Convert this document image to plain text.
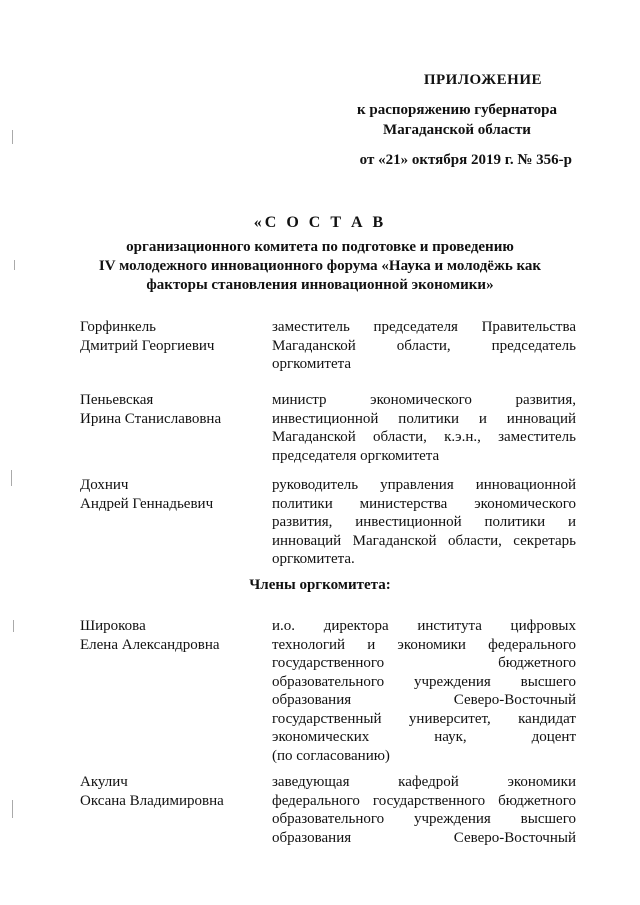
ПРИЛОЖЕНИЕ
к распоряжению губернатора
Магаданской области
от «21» октября 2019 г. № 356-р
«С О С Т А В
организационного комитета по подготовке и проведению
IV молодежного инновационного форума «Наука и молодёжь как
факторы становления инновационной экономики»
Горфинкель
Дмитрий Георгиевич
заместитель председателя Правительства
Магаданской области, председатель
оргкомитета
Пеньевская
Ирина Станиславовна
министр экономического развития,
инвестиционной политики и инноваций
Магаданской области, к.э.н., заместитель
председателя оргкомитета
Дохнич
Андрей Геннадьевич
руководитель управления инновационной
политики министерства экономического
развития, инвестиционной политики и
инноваций Магаданской области, секретарь
оргкомитета.
Члены оргкомитета:
Широкова
Елена Александровна
и.о. директора института цифровых
технологий и экономики федерального
государственного бюджетного
образовательного учреждения высшего
образования Северо-Восточный
государственный университет, кандидат
экономических наук, доцент
(по согласованию)
Акулич
Оксана Владимировна
заведующая кафедрой экономики
федерального государственного бюджетного
образовательного учреждения высшего
образования Северо-Восточный
